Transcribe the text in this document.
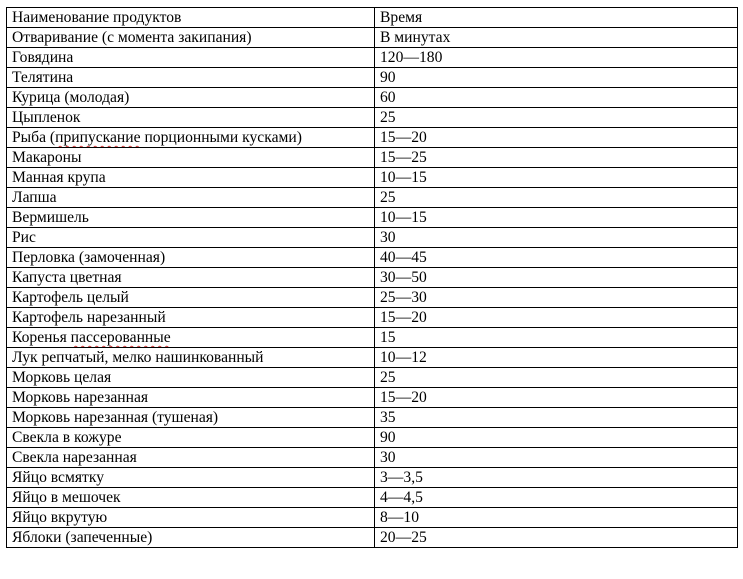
Наименование продуктов	Время
Отваривание (с момента закипания)	В минутах
Говядина	120—180
Телятина	90
Курица (молодая)	60
Цыпленок	25
Рыба (припускание порционными кусками)	15—20
Макароны	15—25
Манная крупа	10—15
Лапша	25
Вермишель	10—15
Рис	30
Перловка (замоченная)	40—45
Капуста цветная	30—50
Картофель целый	25—30
Картофель нарезанный	15—20
Коренья пассерованные	15
Лук репчатый, мелко нашинкованный	10—12
Морковь целая	25
Морковь нарезанная	15—20
Морковь нарезанная (тушеная)	35
Свекла в кожуре	90
Свекла нарезанная	30
Яйцо всмятку	3—3,5
Яйцо в мешочек	4—4,5
Яйцо вкрутую	8—10
Яблоки (запеченные)	20—25
